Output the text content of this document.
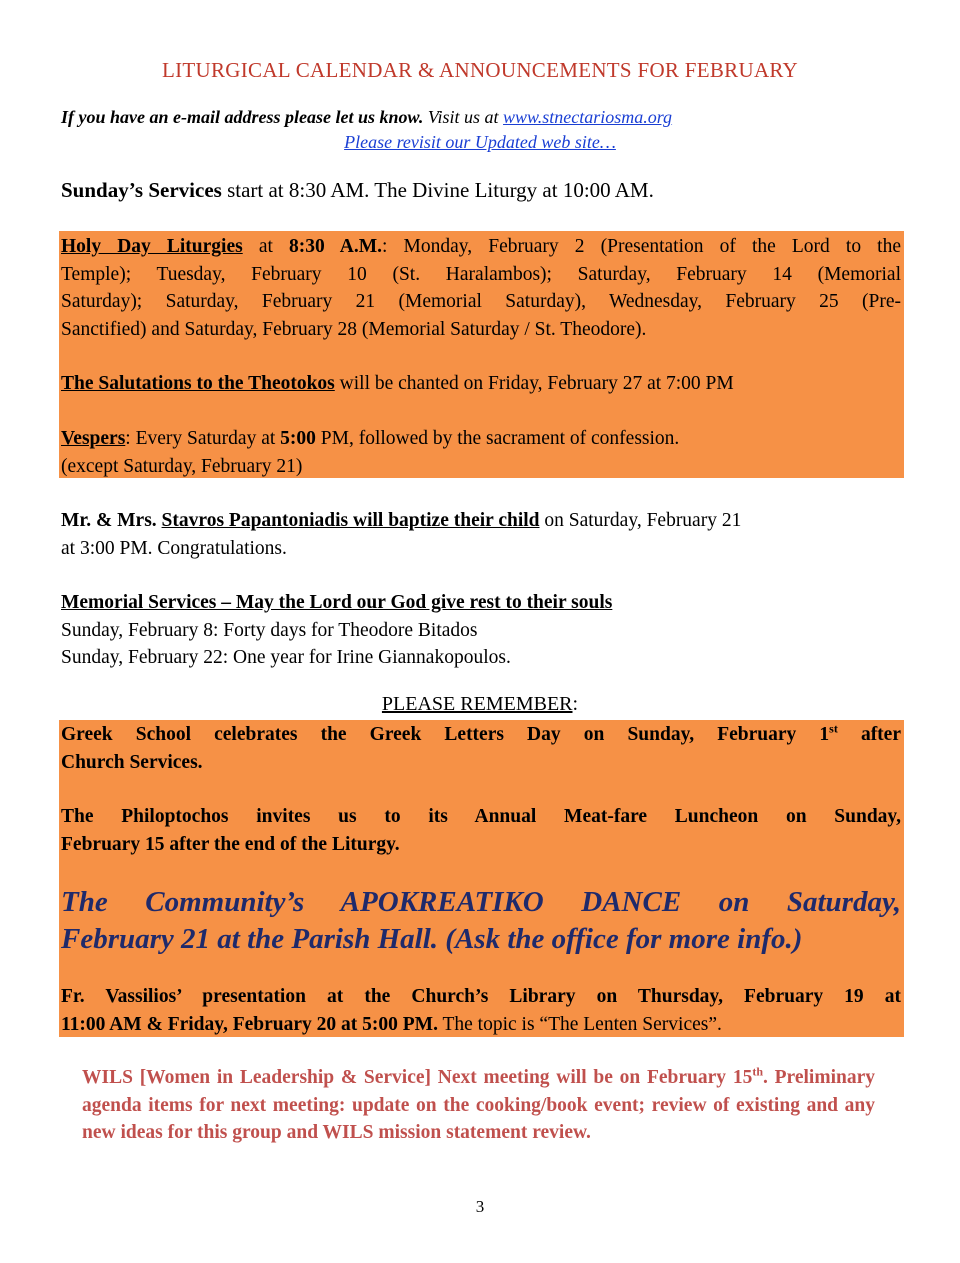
LITURGICAL CALENDAR & ANNOUNCEMENTS FOR FEBRUARY
If you have an e-mail address please let us know. Visit us at www.stnectariosma.org
Please revisit our Updated web site…
Sunday’s Services start at 8:30 AM. The Divine Liturgy at 10:00 AM.
Holy Day Liturgies at 8:30 A.M.: Monday, February 2 (Presentation of the Lord to the
Temple); Tuesday, February 10 (St. Haralambos); Saturday, February 14 (Memorial
Saturday); Saturday, February 21 (Memorial Saturday), Wednesday, February 25 (Pre-
Sanctified) and Saturday, February 28 (Memorial Saturday / St. Theodore).
The Salutations to the Theotokos will be chanted on Friday, February 27 at 7:00 PM
Vespers: Every Saturday at 5:00 PM, followed by the sacrament of confession.
(except Saturday, February 21)
Mr. & Mrs. Stavros Papantoniadis will baptize their child on Saturday, February 21
at 3:00 PM. Congratulations.
Memorial Services – May the Lord our God give rest to their souls
Sunday, February 8: Forty days for Theodore Bitados
Sunday, February 22: One year for Irine Giannakopoulos.
PLEASE REMEMBER:
Greek School celebrates the Greek Letters Day on Sunday, February 1st after
Church Services.
The Philoptochos invites us to its Annual Meat-fare Luncheon on Sunday,
February 15 after the end of the Liturgy.
The Community’s APOKREATIKO DANCE on Saturday,
February 21 at the Parish Hall. (Ask the office for more info.)
Fr. Vassilios’ presentation at the Church’s Library on Thursday, February 19 at
11:00 AM & Friday, February 20 at 5:00 PM. The topic is “The Lenten Services”.
WILS [Women in Leadership & Service] Next meeting will be on February 15th. Preliminary agenda items for next meeting: update on the cooking/book event; review of existing and any new ideas for this group and WILS mission statement review.
3
